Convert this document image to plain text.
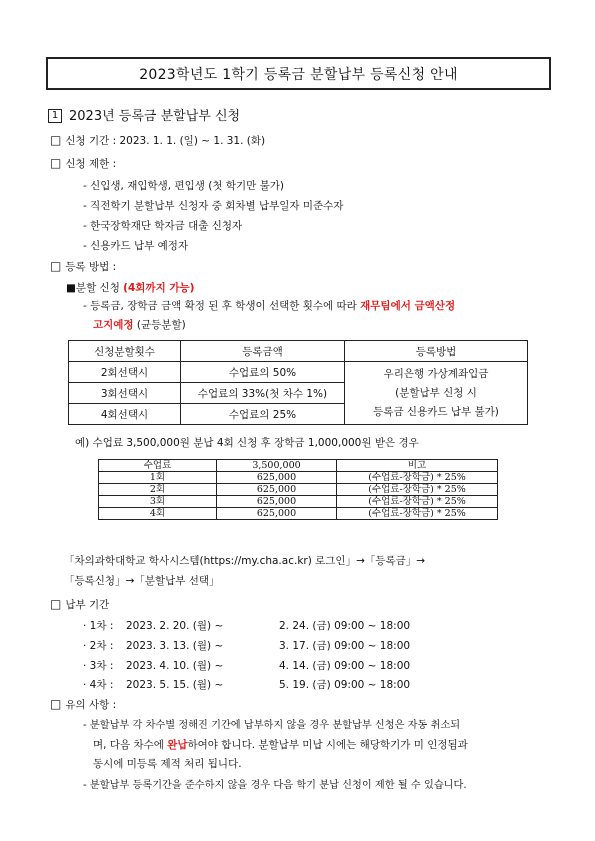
2023학년도 1학기 등록금 분할납부 등록신청 안내
1 2023년 등록금 분할납부 신청
□ 신청 기간 : 2023. 1. 1. (일) ~ 1. 31. (화)
□ 신청 제한 :
- 신입생, 재입학생, 편입생 (첫 학기만 불가)
- 직전학기 분할납부 신청자 중 회차별 납부일자 미준수자
- 한국장학재단 학자금 대출 신청자
- 신용카드 납부 예정자
□ 등록 방법 :
■분할 신청 (4회까지 가능)
- 등록금, 장학금 금액 확정 된 후 학생이 선택한 횟수에 따라 재무팀에서 금액산정
고지예정 (균등분할)
신청분할횟수	등록금액	등록방법
2회선택시	수업료의 50%	우리은행 가상계좌입금
(분할납부 신청 시
등록금 신용카드 납부 불가)

3회선택시	수업료의 33%(첫 차수 1%)	
4회선택시	수업료의 25%	
예) 수업료 3,500,000원 분납 4회 신청 후 장학금 1,000,000원 받은 경우
수업료	3,500,000	비고
1회	625,000	(수업료-장학금) * 25%
2회	625,000	(수업료-장학금) * 25%
3회	625,000	(수업료-장학금) * 25%
4회	625,000	(수업료-장학금) * 25%
「차의과학대학교 학사시스템(https://my.cha.ac.kr) 로그인」→「등록금」→
「등록신청」→「분할납부 선택」
□ 납부 기간
· 1차 : 2023. 2. 20. (월) ~	2. 24. (금) 09:00 ~ 18:00
· 2차 : 2023. 3. 13. (월) ~	3. 17. (금) 09:00 ~ 18:00
· 3차 : 2023. 4. 10. (월) ~	4. 14. (금) 09:00 ~ 18:00
· 4차 : 2023. 5. 15. (월) ~	5. 19. (금) 09:00 ~ 18:00
□ 유의 사항 :
- 분할납부 각 차수별 정해진 기간에 납부하지 않을 경우 분할납부 신청은 자동 취소되
며, 다음 차수에 완납하여야 합니다. 분할납부 미납 시에는 해당학기가 미 인정됨과
동시에 미등록 제적 처리 됩니다.
- 분할납부 등록기간을 준수하지 않을 경우 다음 학기 분납 신청이 제한 될 수 있습니다.
